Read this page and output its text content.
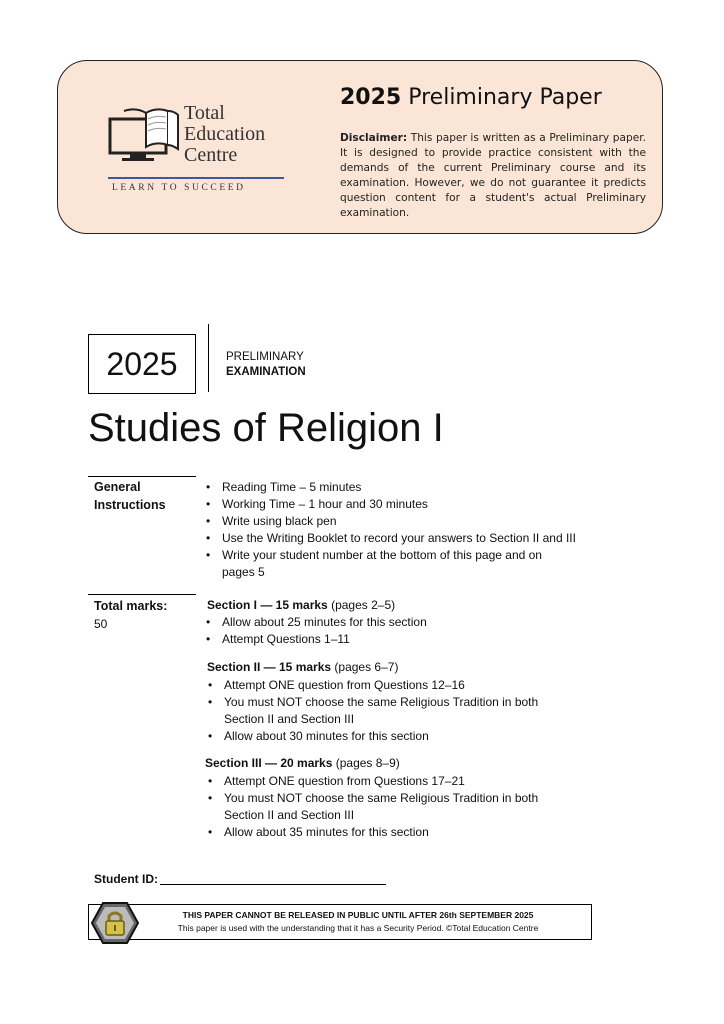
Total
Education
Centre
LEARN TO SUCCEED
2025 Preliminary Paper
Disclaimer: This paper is written as a Preliminary paper. It is designed to provide practice consistent with the demands of the current Preliminary course and its examination. However, we do not guarantee it predicts question content for a student's actual Preliminary examination.
2025	PRELIMINARY
EXAMINATION
Studies of Religion I
General
Instructions
• Reading Time – 5 minutes
• Working Time – 1 hour and 30 minutes
• Write using black pen
• Use the Writing Booklet to record your answers to Section II and III
• Write your student number at the bottom of this page and on pages 5
Total marks:
50
Section I — 15 marks (pages 2–5)
• Allow about 25 minutes for this section
• Attempt Questions 1–11
Section II — 15 marks (pages 6–7)
• Attempt ONE question from Questions 12–16
• You must NOT choose the same Religious Tradition in both Section II and Section III
• Allow about 30 minutes for this section
Section III — 20 marks (pages 8–9)
• Attempt ONE question from Questions 17–21
• You must NOT choose the same Religious Tradition in both Section II and Section III
• Allow about 35 minutes for this section
Student ID:
THIS PAPER CANNOT BE RELEASED IN PUBLIC UNTIL AFTER 26th SEPTEMBER 2025
This paper is used with the understanding that it has a Security Period. ©Total Education Centre
